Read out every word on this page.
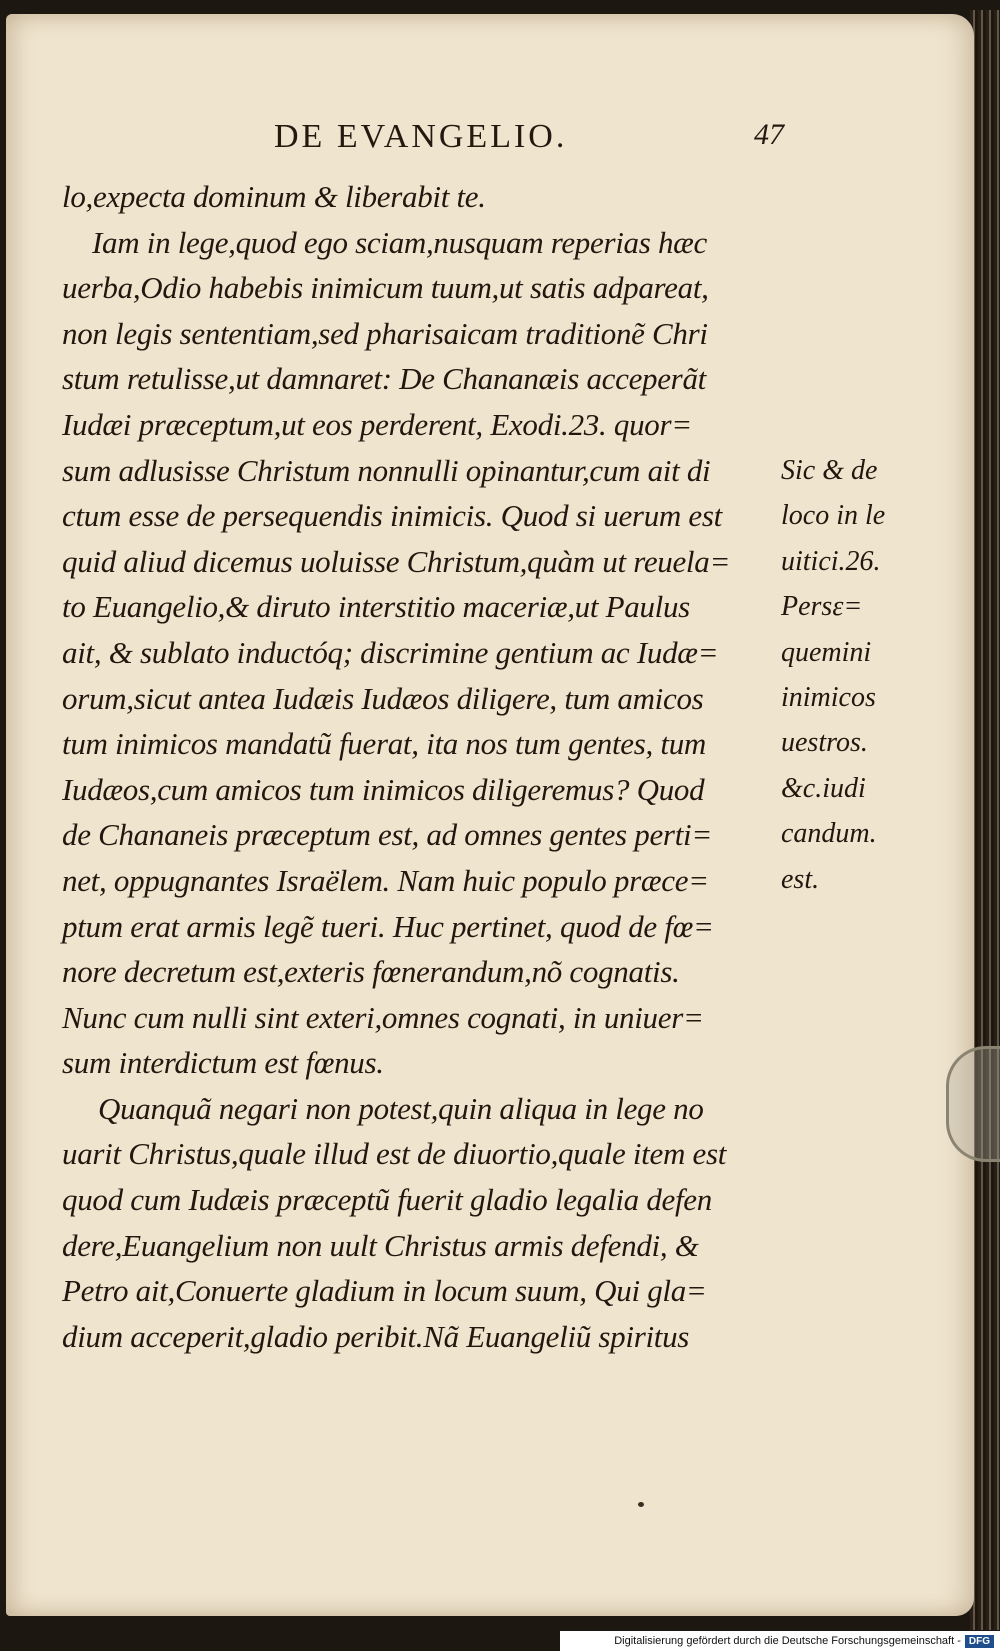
DE EVANGELIO.	47
lo,expecta dominum & liberabit te.
Iam in lege,quod ego sciam,nusquam reperias hæc
uerba,Odio habebis inimicum tuum,ut satis adpareat,
non legis sententiam,sed pharisaicam traditionẽ Chri
stum retulisse,ut damnaret: De Chananæis acceperãt
Iudæi præceptum,ut eos perderent, Exodi.23. quor=
sum adlusisse Christum nonnulli opinantur,cum ait di
ctum esse de persequendis inimicis. Quod si uerum est
quid aliud dicemus uoluisse Christum,quàm ut reuela=
to Euangelio,& diruto interstitio maceriæ,ut Paulus
ait, & sublato inductóq; discrimine gentium ac Iudæ=
orum,sicut antea Iudæis Iudæos diligere, tum amicos
tum inimicos mandatũ fuerat, ita nos tum gentes, tum
Iudæos,cum amicos tum inimicos diligeremus? Quod
de Chananeis præceptum est, ad omnes gentes perti=
net, oppugnantes Israëlem. Nam huic populo præce=
ptum erat armis legẽ tueri. Huc pertinet, quod de fœ=
nore decretum est,exteris fœnerandum,nõ cognatis.
Nunc cum nulli sint exteri,omnes cognati, in uniuer=
sum interdictum est fœnus.
Quanquã negari non potest,quin aliqua in lege no
uarit Christus,quale illud est de diuortio,quale item est
quod cum Iudæis præceptũ fuerit gladio legalia defen
dere,Euangelium non uult Christus armis defendi, &
Petro ait,Conuerte gladium in locum suum, Qui gla=
dium acceperit,gladio peribit.Nã Euangeliũ spiritus
Sic & de
loco in le
uitici.26.
Persε=
quemini
inimicos
uestros.
&c.iudi
candum.
est.
Digitalisierung gefördert durch die Deutsche Forschungsgemeinschaft - DFG
